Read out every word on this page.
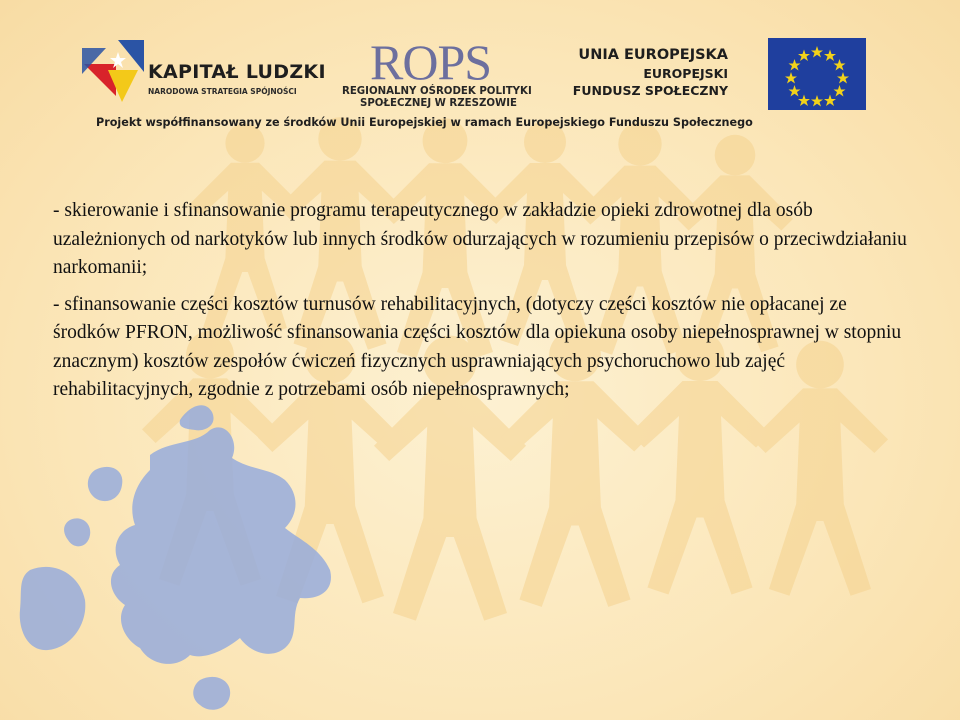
KAPITAŁ LUDZKI
NARODOWA STRATEGIA SPÓJNOŚCI
ROPS
REGIONALNY OŚRODEK POLITYKI
SPOŁECZNEJ W RZESZOWIE
UNIA EUROPEJSKA
EUROPEJSKI
FUNDUSZ SPOŁECZNY
Projekt współfinansowany ze środków Unii Europejskiej w ramach Europejskiego Funduszu Społecznego

- skierowanie i sfinansowanie programu terapeutycznego w zakładzie opieki zdrowotnej dla osób uzależnionych od narkotyków lub innych środków odurzających w rozumieniu przepisów o przeciwdziałaniu narkomanii;

- sfinansowanie części kosztów turnusów rehabilitacyjnych, (dotyczy części kosztów nie opłacanej ze środków PFRON, możliwość sfinansowania części kosztów dla opiekuna osoby niepełnosprawnej w stopniu znacznym) kosztów zespołów ćwiczeń fizycznych usprawniających psychoruchowo lub zajęć rehabilitacyjnych, zgodnie z potrzebami osób niepełnosprawnych;
